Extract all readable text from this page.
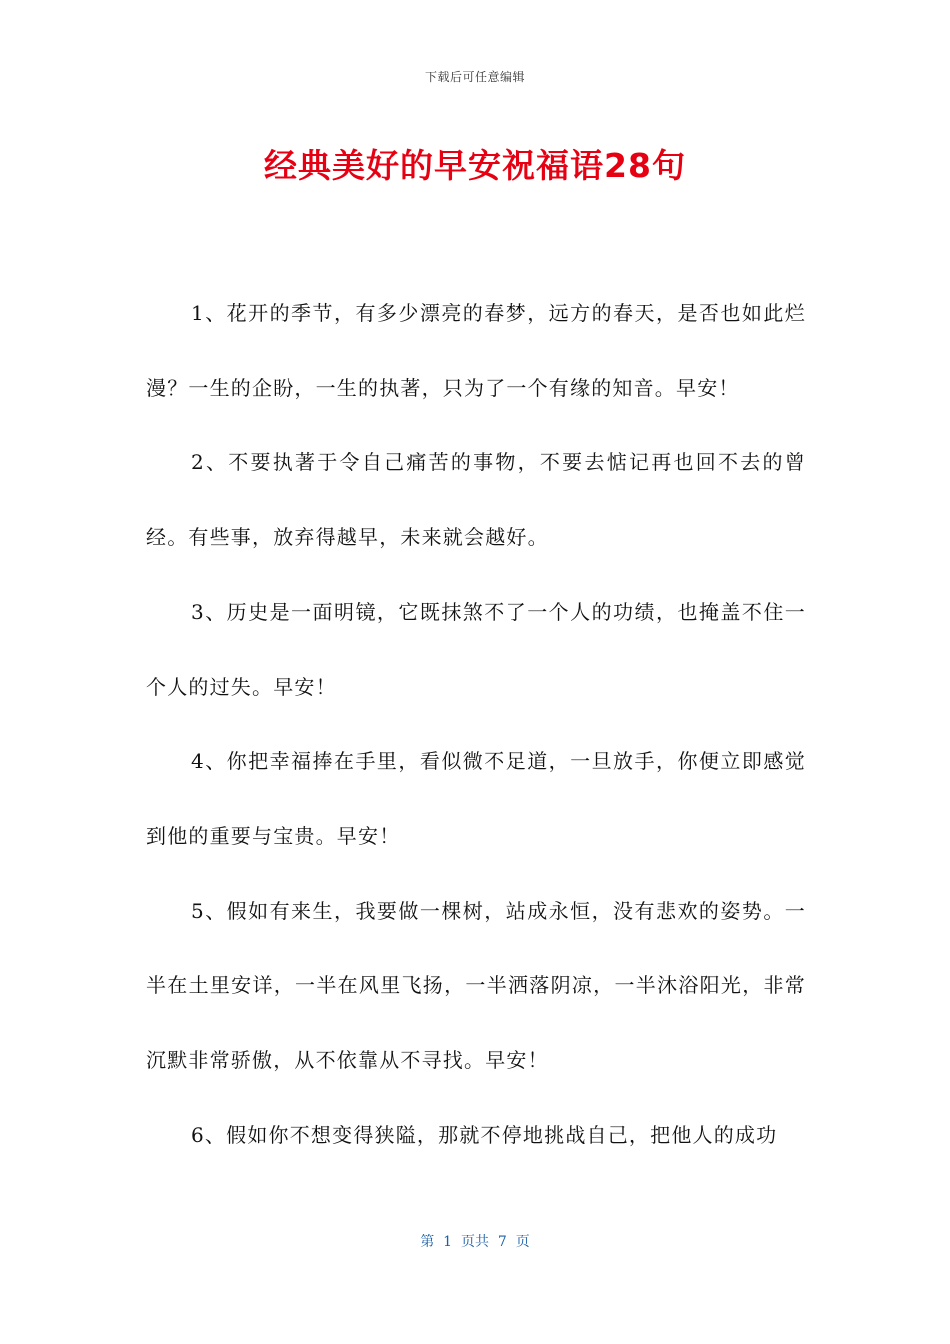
下载后可任意编辑
经典美好的早安祝福语28句

1、花开的季节，有多少漂亮的春梦，远方的春天，是否也如此烂漫？一生的企盼，一生的执著，只为了一个有缘的知音。早安！

2、不要执著于令自己痛苦的事物，不要去惦记再也回不去的曾经。有些事，放弃得越早，未来就会越好。

3、历史是一面明镜，它既抹煞不了一个人的功绩，也掩盖不住一个人的过失。早安！

4、你把幸福捧在手里，看似微不足道，一旦放手，你便立即感觉到他的重要与宝贵。早安！

5、假如有来生，我要做一棵树，站成永恒，没有悲欢的姿势。一半在土里安详，一半在风里飞扬，一半洒落阴凉，一半沐浴阳光，非常沉默非常骄傲，从不依靠从不寻找。早安！

6、假如你不想变得狭隘，那就不停地挑战自己，把他人的成功

第  1  页共  7  页
